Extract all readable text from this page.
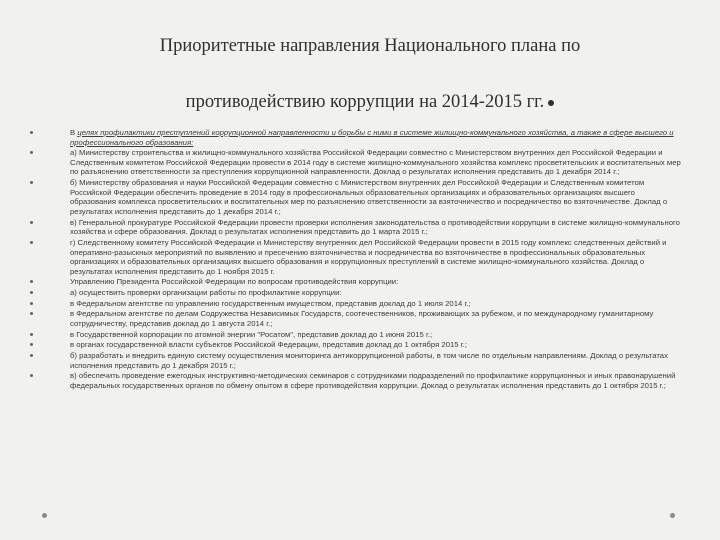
Приоритетные направления Национального плана по
противодействию коррупции на 2014-2015 гг.
В целях профилактики преступлений коррупционной направленности и борьбы с ними в системе жилищно-коммунального хозяйства, а также в сфере высшего и профессионального образования:
а) Министерству строительства и жилищно-коммунального хозяйства Российской Федерации совместно с Министерством внутренних дел Российской Федерации и Следственным комитетом Российской Федерации провести в 2014 году в системе жилищно-коммунального хозяйства комплекс просветительских и воспитательных мер по разъяснению ответственности за преступления коррупционной направленности. Доклад о результатах исполнения представить до 1 декабря 2014 г.;
б) Министерству образования и науки Российской Федерации совместно с Министерством внутренних дел Российской Федерации и Следственным комитетом Российской Федерации обеспечить проведение в 2014 году в профессиональных образовательных организациях и образовательных организациях высшего образования комплекса просветительских и воспитательных мер по разъяснению ответственности за взяточничество и посредничество во взяточничестве. Доклад о результатах исполнения представить до 1 декабря 2014 г.;
в) Генеральной прокуратуре Российской Федерации провести проверки исполнения законодательства о противодействии коррупции в системе жилищно-коммунального хозяйства и сфере образования. Доклад о результатах исполнения представить до 1 марта 2015 г.;
г) Следственному комитету Российской Федерации и Министерству внутренних дел Российской Федерации провести в 2015 году комплекс следственных действий и оперативно-разыскных мероприятий по выявлению и пресечению взяточничества и посредничества во взяточничестве в профессиональных образовательных организациях и образовательных организациях высшего образования и коррупционных преступлений в системе жилищно-коммунального хозяйства. Доклад о результатах исполнения представить до 1 ноября 2015 г.
Управлению Президента Российской Федерации по вопросам противодействия коррупции:
а) осуществить проверки организации работы по профилактике коррупции:
в Федеральном агентстве по управлению государственным имуществом, представив доклад до 1 июля 2014 г.;
в Федеральном агентстве по делам Содружества Независимых Государств, соотечественников, проживающих за рубежом, и по международному гуманитарному сотрудничеству, представив доклад до 1 августа 2014 г.;
в Государственной корпорации по атомной энергии "Росатом", представив доклад до 1 июня 2015 г.;
в органах государственной власти субъектов Российской Федерации, представив доклад до 1 октября 2015 г.;
б) разработать и внедрить единую систему осуществления мониторинга антикоррупционной работы, в том числе по отдельным направлениям. Доклад о результатах исполнения представить до 1 декабря 2015 г.;
в) обеспечить проведение ежегодных инструктивно-методических семинаров с сотрудниками подразделений по профилактике коррупционных и иных правонарушений федеральных государственных органов по обмену опытом в сфере противодействия коррупции. Доклад о результатах исполнения представить до 1 октября 2015 г.;
